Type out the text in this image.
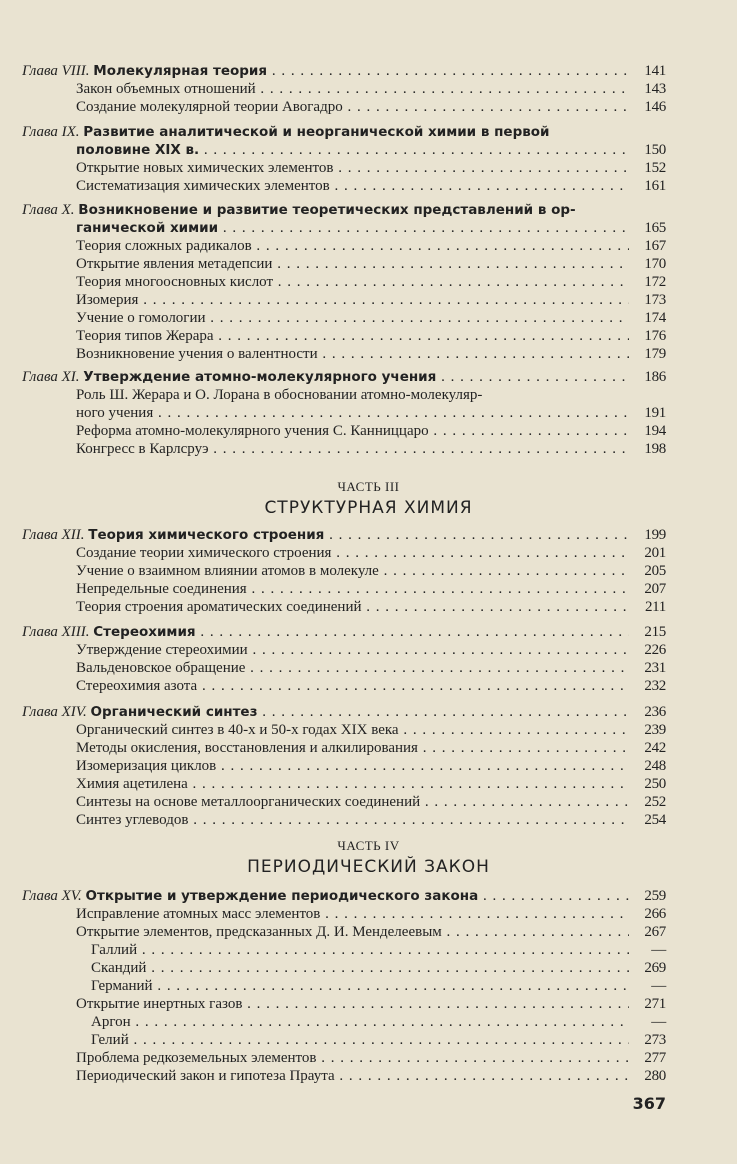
Глава VIII. Молекулярная теория . . .	141
Закон объемных отношений . . .	143
Создание молекулярной теории Авогадро . . .	146
Глава IX. Развитие аналитической и неорганической химии в первой
половине XIX в. . . .	150
Открытие новых химических элементов . . .	152
Систематизация химических элементов . . .	161
Глава X. Возникновение и развитие теоретических представлений в ор-
ганической химии . . .	165
Теория сложных радикалов . . .	167
Открытие явления метадепсии . . .	170
Теория многоосновных кислот . . .	172
Изомерия . . .	173
Учение о гомологии . . .	174
Теория типов Жерара . . .	176
Возникновение учения о валентности . . .	179
Глава XI. Утверждение атомно-молекулярного учения . . .	186
Роль Ш. Жерара и О. Лорана в обосновании атомно-молекуляр-
ного учения . . .	191
Реформа атомно-молекулярного учения С. Канниццаро . . .	194
Конгресс в Карлсруэ . . .	198
ЧАСТЬ III
СТРУКТУРНАЯ ХИМИЯ
Глава XII. Теория химического строения . . .	199
Создание теории химического строения . . .	201
Учение о взаимном влиянии атомов в молекуле . . .	205
Непредельные соединения . . .	207
Теория строения ароматических соединений . . .	211
Глава XIII. Стереохимия . . .	215
Утверждение стереохимии . . .	226
Вальденовское обращение . . .	231
Стереохимия азота . . .	232
Глава XIV. Органический синтез . . .	236
Органический синтез в 40-х и 50-х годах XIX века . . .	239
Методы окисления, восстановления и алкилирования . . .	242
Изомеризация циклов . . .	248
Химия ацетилена . . .	250
Синтезы на основе металлоорганических соединений . . .	252
Синтез углеводов . . .	254
ЧАСТЬ IV
ПЕРИОДИЧЕСКИЙ ЗАКОН
Глава XV. Открытие и утверждение периодического закона . . .	259
Исправление атомных масс элементов . . .	266
Открытие элементов, предсказанных Д. И. Менделеевым . . .	267
Галлий . . .	—
Скандий . . .	269
Германий . . .	—
Открытие инертных газов . . .	271
Аргон . . .	—
Гелий . . .	273
Проблема редкоземельных элементов . . .	277
Периодический закон и гипотеза Праута . . .	280
367
